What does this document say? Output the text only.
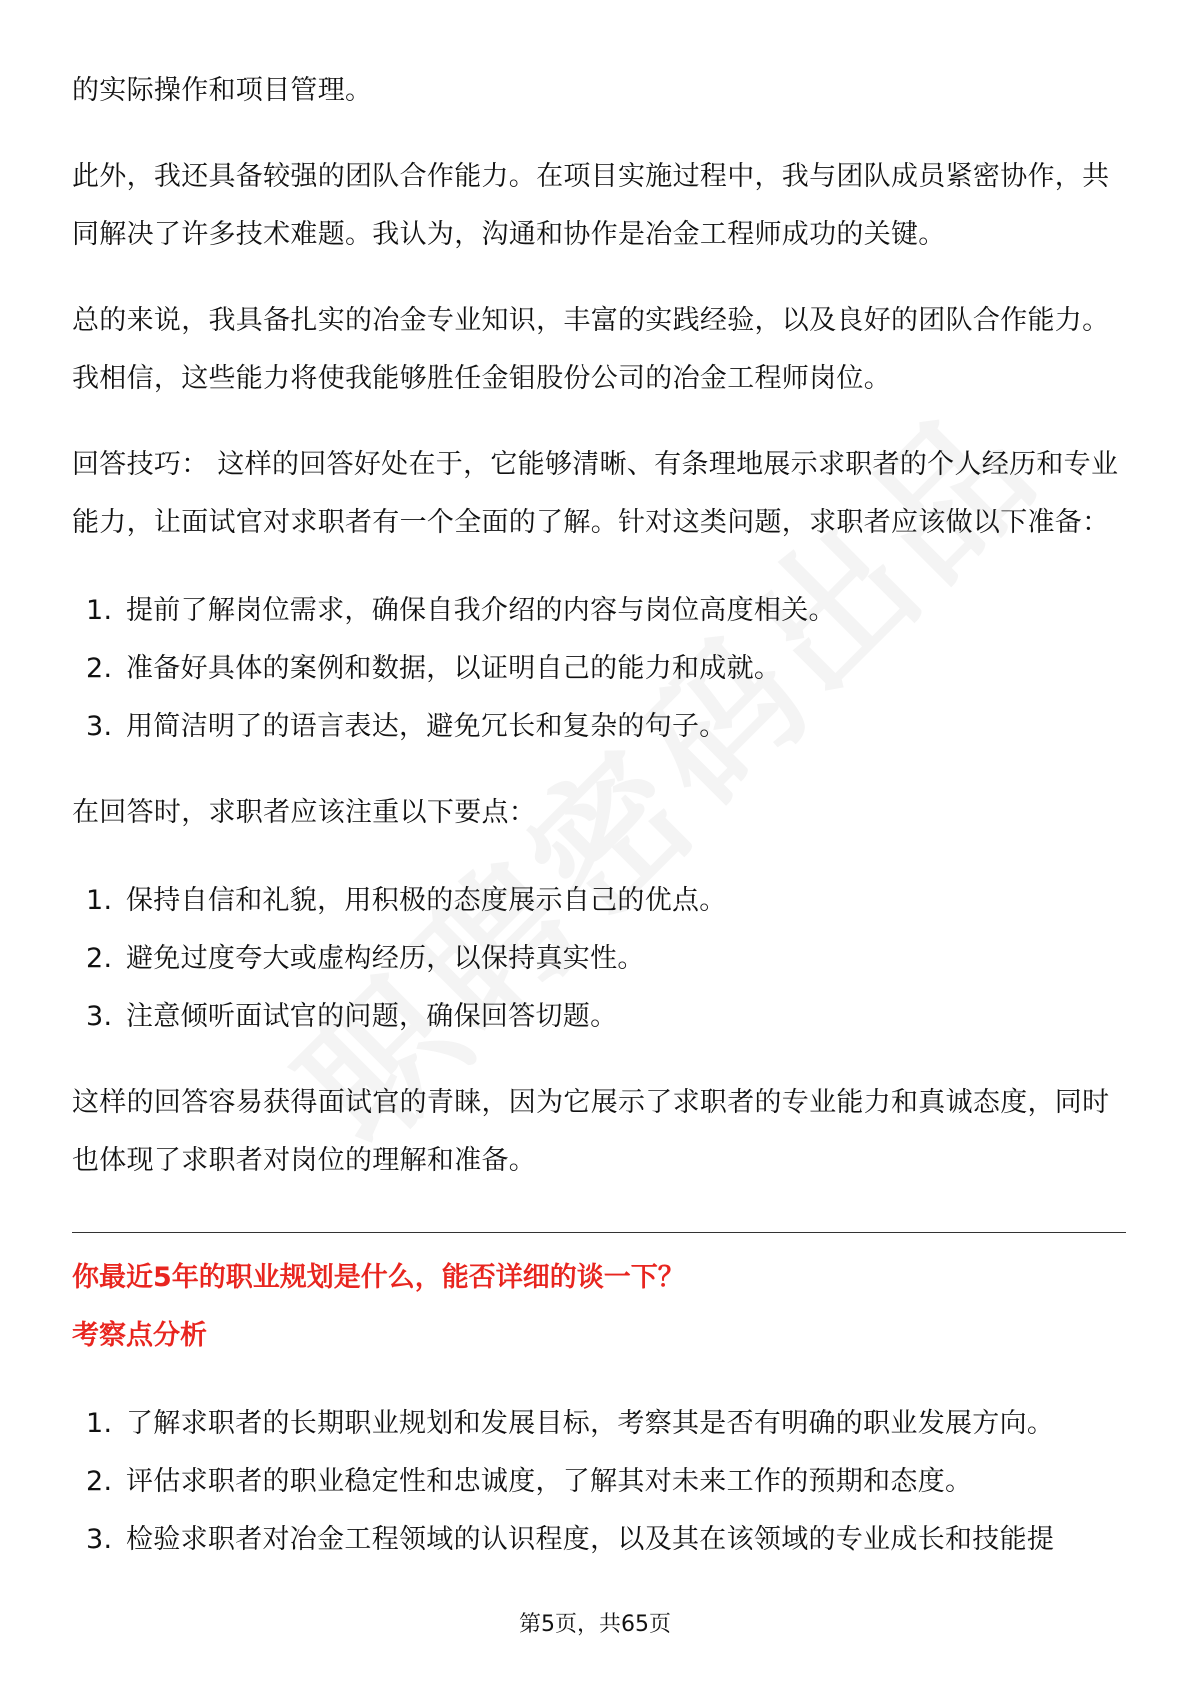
的实际操作和项目管理。

此外，我还具备较强的团队合作能力。在项目实施过程中，我与团队成员紧密协作，共同解决了许多技术难题。我认为，沟通和协作是冶金工程师成功的关键。

总的来说，我具备扎实的冶金专业知识，丰富的实践经验，以及良好的团队合作能力。我相信，这些能力将使我能够胜任金钼股份公司的冶金工程师岗位。

回答技巧： 这样的回答好处在于，它能够清晰、有条理地展示求职者的个人经历和专业能力，让面试官对求职者有一个全面的了解。针对这类问题，求职者应该做以下准备：

1. 提前了解岗位需求，确保自我介绍的内容与岗位高度相关。
2. 准备好具体的案例和数据，以证明自己的能力和成就。
3. 用简洁明了的语言表达，避免冗长和复杂的句子。

在回答时，求职者应该注重以下要点：

1. 保持自信和礼貌，用积极的态度展示自己的优点。
2. 避免过度夸大或虚构经历，以保持真实性。
3. 注意倾听面试官的问题，确保回答切题。

这样的回答容易获得面试官的青睐，因为它展示了求职者的专业能力和真诚态度，同时也体现了求职者对岗位的理解和准备。

你最近5年的职业规划是什么，能否详细的谈一下？

考察点分析

1. 了解求职者的长期职业规划和发展目标，考察其是否有明确的职业发展方向。
2. 评估求职者的职业稳定性和忠诚度，了解其对未来工作的预期和态度。
3. 检验求职者对冶金工程领域的认识程度，以及其在该领域的专业成长和技能提
第5页，共65页
